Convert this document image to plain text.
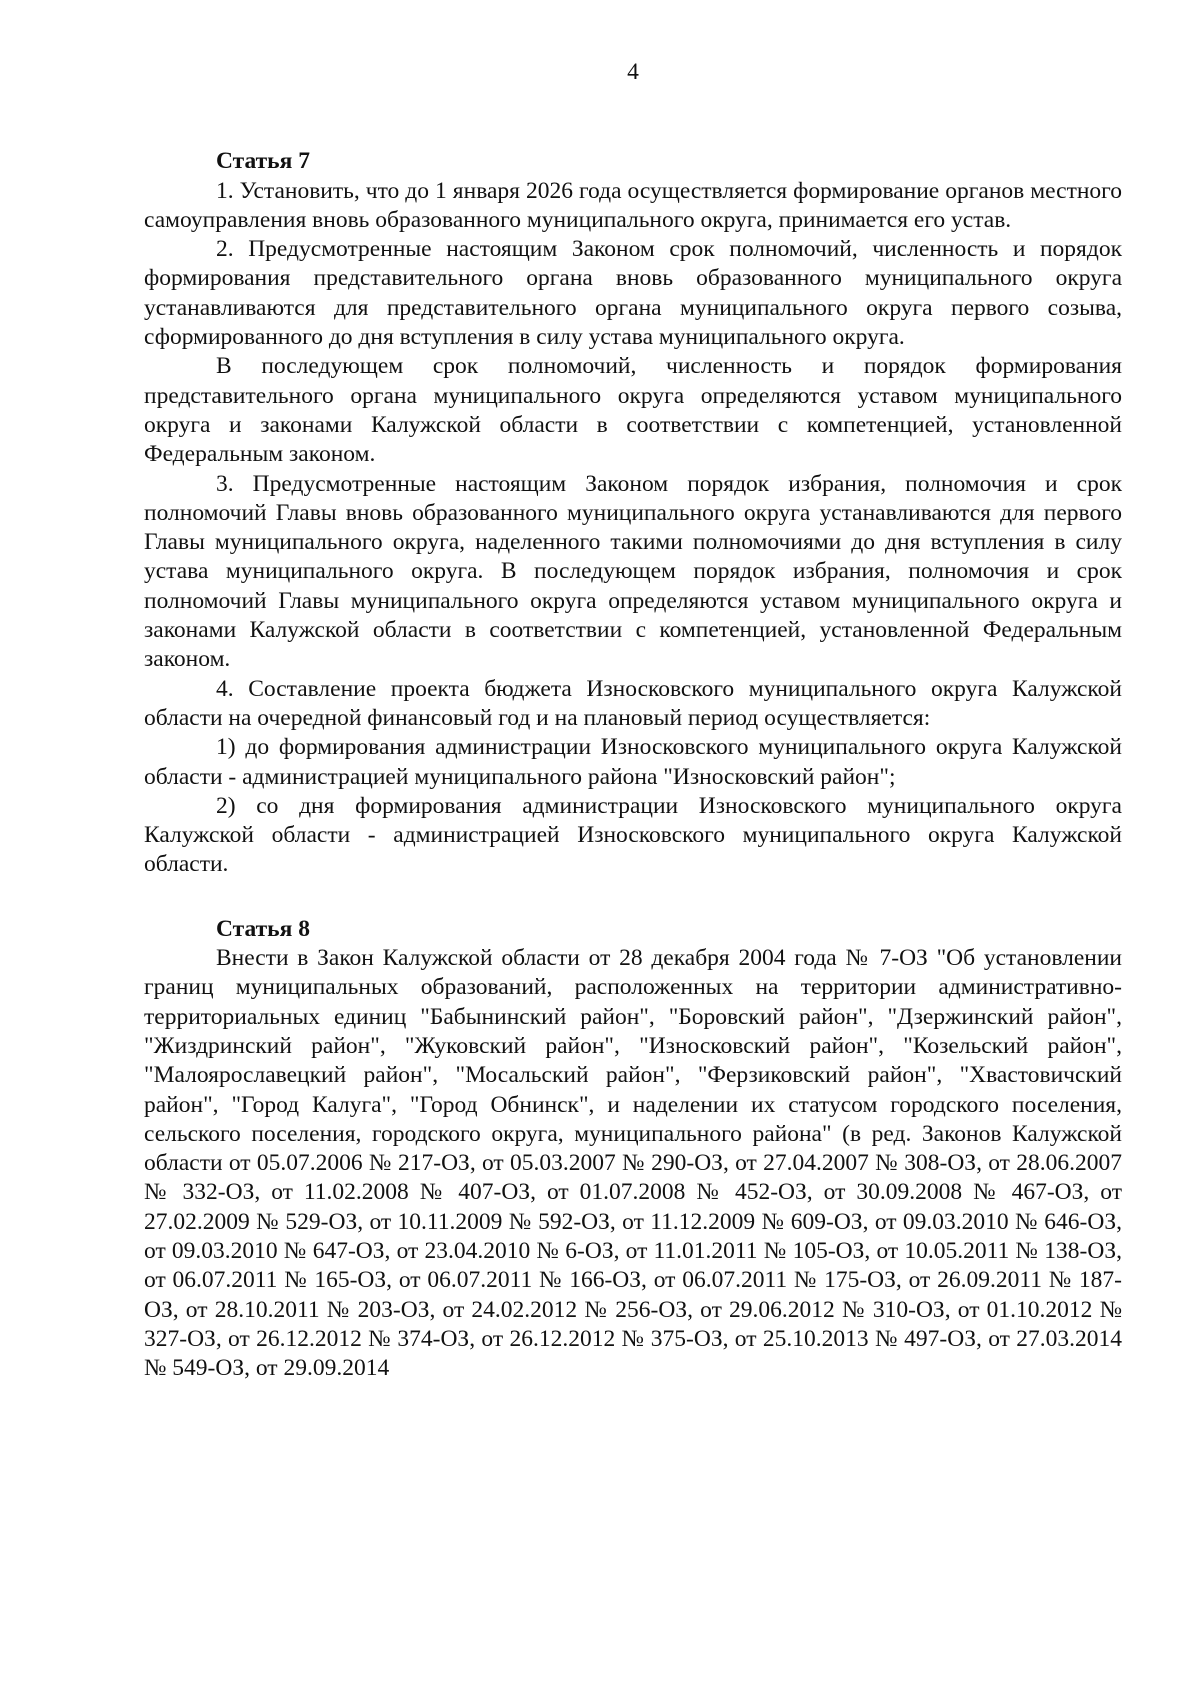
4
Статья 7

1. Установить, что до 1 января 2026 года осуществляется формирование органов местного самоуправления вновь образованного муниципального округа, принимается его устав.

2. Предусмотренные настоящим Законом срок полномочий, численность и порядок формирования представительного органа вновь образованного муниципального округа устанавливаются для представительного органа муниципального округа первого созыва, сформированного до дня вступления в силу устава муниципального округа.

В последующем срок полномочий, численность и порядок формирования представительного органа муниципального округа определяются уставом муниципального округа и законами Калужской области в соответствии с компетенцией, установленной Федеральным законом.

3. Предусмотренные настоящим Законом порядок избрания, полномочия и срок полномочий Главы вновь образованного муниципального округа устанавливаются для первого Главы муниципального округа, наделенного такими полномочиями до дня вступления в силу устава муниципального округа. В последующем порядок избрания, полномочия и срок полномочий Главы муниципального округа определяются уставом муниципального округа и законами Калужской области в соответствии с компетенцией, установленной Федеральным законом.

4. Составление проекта бюджета Износковского муниципального округа Калужской области на очередной финансовый год и на плановый период осуществляется:

1) до формирования администрации Износковского муниципального округа Калужской области - администрацией муниципального района "Износковский район";

2) со дня формирования администрации Износковского муниципального округа Калужской области - администрацией Износковского муниципального округа Калужской области.

Статья 8

Внести в Закон Калужской области от 28 декабря 2004 года № 7-ОЗ "Об установлении границ муниципальных образований, расположенных на территории административно-территориальных единиц "Бабынинский район", "Боровский район", "Дзержинский район", "Жиздринский район", "Жуковский район", "Износковский район", "Козельский район", "Малоярославецкий район", "Мосальский район", "Ферзиковский район", "Хвастовичский район", "Город Калуга", "Город Обнинск", и наделении их статусом городского поселения, сельского поселения, городского округа, муниципального района" (в ред. Законов Калужской области от 05.07.2006 № 217-ОЗ, от 05.03.2007 № 290-ОЗ, от 27.04.2007 № 308-ОЗ, от 28.06.2007 № 332-ОЗ, от 11.02.2008 № 407-ОЗ, от 01.07.2008 № 452-ОЗ, от 30.09.2008 № 467-ОЗ, от 27.02.2009 № 529-ОЗ, от 10.11.2009 № 592-ОЗ, от 11.12.2009 № 609-ОЗ, от 09.03.2010 № 646-ОЗ, от 09.03.2010 № 647-ОЗ, от 23.04.2010 № 6-ОЗ, от 11.01.2011 № 105-ОЗ, от 10.05.2011 № 138-ОЗ, от 06.07.2011 № 165-ОЗ, от 06.07.2011 № 166-ОЗ, от 06.07.2011 № 175-ОЗ, от 26.09.2011 № 187-ОЗ, от 28.10.2011 № 203-ОЗ, от 24.02.2012 № 256-ОЗ, от 29.06.2012 № 310-ОЗ, от 01.10.2012 № 327-ОЗ, от 26.12.2012 № 374-ОЗ, от 26.12.2012 № 375-ОЗ, от 25.10.2013 № 497-ОЗ, от 27.03.2014 № 549-ОЗ, от 29.09.2014
